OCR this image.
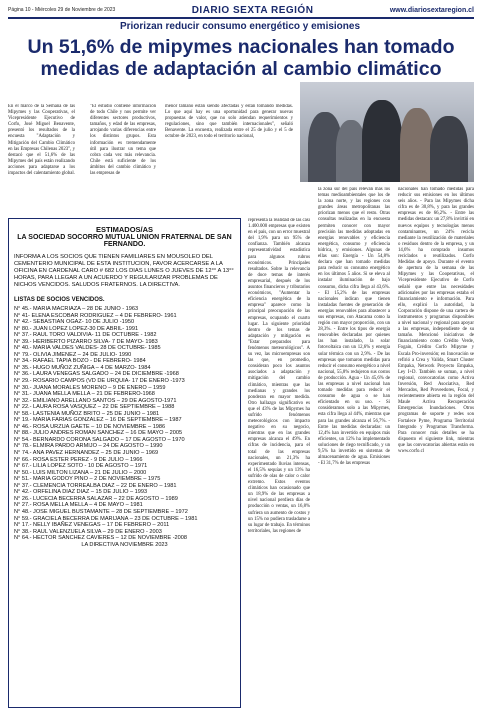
Página 10 - Miércoles 29 de Noviembre de 2023	DIARIO SEXTA REGIÓN	www.diariosextaregion.cl
Priorizan reducir consumo energético y emisiones
Un 51,6% de mipymes nacionales han tomado medidas de adaptación al cambio climático
En el marco de la Semana de las Mipymes y las Cooperativas, el Vicepresidente Ejecutivo de Corfo, José Miguel Benavente, presentó los resultados de la encuesta "Adaptación y Mitigación del Cambio Climático en las Empresas Chilenas 2023", y destacó que el 51,6% de las Mipymes del país están realizando acciones para adaptarse a los impactos del calentamiento global.
"El estudio contiene información de todo Chile y nos permite ver diferentes sectores productivos, tamaños, y edad de las empresas, arrojando varias diferencias entre los distintos grupos. Esta información es tremendamente útil para ilustrar un tema que cobra cada vez más relevancia. Chile está suficiente de los ámbitos del cambio climático y las empresas de
menor tamaño están siendo afectadas y están tomando medidas. Lo que aquí hay es una oportunidad para generar nuevas propuestas de valor, que no solo atiendan requerimientos y regulaciones, sino que también internacionales", señaló Benavente. La encuesta, realizada entre el 25 de julio y el 5 de octubre de 2023, en todo el territorio nacional,
representa la realidad de las casi 1.400.000 empresas que existen en el país, con un error muestral del 1,9% para un 95% de confianza. También alcanza representatividad estadística para algunos rubros económicos. Principales resultados. Sobre la relevancia de doce temas de interés empresarial, después de los asuntos financieros y tributarios económicos, "Aumentar la eficiencia energética de la empresa" aparece como la principal preocupación de las empresas, ocupando el cuarto lugar. La siguiente prioridad dentro de los temas de adaptación y mitigación es "Estar preparados para fenómenos meteorológicos". A su vez, las microempresas son las que, en promedio, consideran poco los asuntos asociados a adaptación y mitigación del cambio climático, mientras que las medianas y grandes los ponderan en mayor medida. Otro hallazgo significativo es que el 43% de las Mipymes ha sufrido fenómenos meteorológicos con impacto negativo en su negocio, mientras que en las grandes empresas alcanza el 49%. En cifras de incidencia, para el total de las empresas nacionales, un 21,3% ha experimentado lluvias intensas, el 16,5% sequías y un 13% ha sufrido de olas de calor o calor extremo. Estos eventos climáticos han ocasionado que un 18,9% de las empresas a nivel nacional perdiera días de producción o ventas, un 16,8% sufriera un aumento de costos y un 15% no pudiera trasladarse a su lugar de trabajo. En términos territoriales, las regiones de
la zona sur del país relevan más los temas medioambientales que los de la zona norte, y las regiones con grandes áreas metropolitanas las priorizan menos que el resto. Otras consultas realizadas en la encuesta permiten conocer con mayor precisión las medidas adoptadas en energías renovables y eficiencia energética, consumo y eficiencia hídrica, y emisiones. Algunas de ellas son: Energía - Un 54,8% declara que han tomado medidas para reducir su consumo energético en los últimos 5 años. Si se eleva al instalar iluminación de bajo consumo, dicha cifra llega al 43,6%. - El 15,2% de las empresas nacionales indican que tienen instaladas fuentes de generación de energías renovables para abastecer a sus empresas, con Atacama como la región con mayor proporción, con un 28,3%. - Entre los tipos de energía renovables declaradas por quienes las han instalado, la solar fotovoltaica con un 12,6% y energía solar térmica con un 2,9%. - De las empresas que tomaron medidas para reducir el consumo energético a nivel nacional, 55,8% redujeron sus costos de producción. Agua - Un 45,6% de las empresas a nivel nacional han tomado medidas para reducir el consumo de agua o se han eficientado en su uso. - Si consideramos solo a las Mipymes, esta cifra llega al 44%, mientras que para las grandes alcanza el 56,7%. - Entre las medidas declaradas: un 12,4% han invertido en equipos más eficientes, un 12% ha implementado soluciones de riego tecnificado, y un 9,5% ha invertido en sistemas de almacenamiento de agua. Emisiones - El 31,7% de las empresas
nacionales han tomado medidas para reducir sus emisiones en los últimos seis años. - Para las Mipymes dicha cifra es de 30,8%, y para las grandes empresas es de 66,2%. - Entre las medidas destacan: un 27,8% invirtió en nuevos equipos y tecnologías menos contaminantes, un 24% recicla mediante la reutilización de materiales o residuos dentro de la empresa, y un 14,6% ha comprado insumos reciclados o reutilizados. Corfo Medidas de apoyo. Durante el evento de apertura de la semana de las Mipymes y las Cooperativas, el Vicepresidente Ejecutivo de Corfo señaló que entre las necesidades adicionales por las empresas estaba el financiamiento e información. Para ello, explicó la autoridad, la Corporación dispone de una cartera de instrumentos y programas disponibles a nivel nacional y regional para apoyar a las empresas, independiente de su tamaño. Mencionó iniciativas de financiamiento como Crédito Verde, Fogain, Crédito Corfo Mipyme y Escala Pro-inversión; en Innovación se refirió a Crea y Valida, Smart Cluster Empaka, Network Proyecto Empaka, Ley I+D. También se suman, a nivel regional, convocatorias como Activa Inversión, Red Asociativa, Red Mercados, Red Proveedores, Focal, y recientemente abierta en la región del Maule Activa Recuperación Emergencias Inundaciones. Otros programas de soporte y redes son Fortalece Pyme, Programa Territorial Integrado y Programas Transforma. Para conocer más detalles se ha dispuesto el siguiente link, mientras que las convocatorias abiertas están en www.corfo.cl
ESTIMADOS/AS
LA SOCIEDAD SOCORRO MUTUAL UNION FRATERNAL DE SAN FERNANDO.

INFORMA A LOS SOCIOS QUE TIENEN FAMILIARES EN MOUSOLEO DEL CEMENTERIO MUNICIPAL DE ESTA INSTITUCION, FAVOR ACERCARSE A LA OFICINA EN CARDENAL CARO # 682 LOS DIAS LUNES O JUEVES DE 12°° A 13°° HORAS, PARA LLEGAR A UN ACUERDO Y REGULARIZAR PROBLEMAS DE NICHOS VENCIDOS. SALUDOS FRATERNOS. LA DIRECTIVA.

LISTAS DE SOCIOS VENCIDOS.
N° 45.- MARIA MACRIAZA – 28 DE JUNIO - 1963
N° 41- ELENA ESCOBAR RODRIGUEZ – 4 DE FEBRERO- 1961
N° 42.- SEBASTIAN OGAZ- 10 DE JULIO -1950
N° 80.- JUAN LOPEZ LOPEZ-30 DE ABRIL- 1991
N° 37.- RAUL TORO VALDIVIA- 11 DE OCTUBRE - 1982
N° 39.- HERIBERTO PIZARRO SILVA- 7 DE MAYO- 1983
N° 40.- MARIA VALDES VALDES- 28 DE OCTUBRE- 1985
N° 79.- OLIVIA JIMENEZ – 24 DE JULIO- 1990
N° 34.- RAFAEL TAPIA BOZO - DE FEBRERO- 1984
N° 35.- HUGO MUÑOZ ZUÑIGA – 4 DE MARZO- 1984
N° 36.- LAURA VENEGAS SALGADO – 24 DE DICIEMBRE -1968
N° 29.- ROSARIO CAMPOS (VD DE URQUIA- 17 DE ENERO -1973
N° 30.- JUANA MORALES MORENO – 9 DE ENERO – 1959
N° 31.- JUANA MELLA MELLA – 21 DE FEBRERO-1968
N° 32.- EMILIANO ARELLANO SANTOS – 29 DE AGOSTO-1971
N° 22.- LAURA ROSA VASQUEZ – 22 DE SEPTIEMBRE – 1988
N° 58.- LASTENIA MUÑOZ BRITO – 25 DE JUNIO – 1981
N° 19.- MARIA FARIAS GONZALEZ – 16 DE SEPTIEMBRE – 1987
N° 46.- ROSA URZUA GAETE – 10 DE NOVIEMBRE – 1986
N° 88.- JULIO ANDRES ROMAN SANCHEZ – 16 DE MAYO – 2005
N° 54.- BERNARDO CORONA SALGADO – 17 DE AGOSTO – 1970
N° 78.- ELMIRA PARDO ARMIJO – 24 DE AGOSTO – 1990
N° 74.- ANA PAVEZ HERNANDEZ – 25 DE JUNIO – 1969
N° 66.- ROSA ESTER PEREZ - 9 DE JULIO – 1966
N° 67.- LILIA LOPEZ SOTO - 10 DE AGOSTO – 1971
N° 50.- LUIS MILTON LIZANA – 21 DE JULIO – 2000
N° 51.- MARIA GODOY PINO – 2 DE NOVIEMBRE – 1975
N° 37.- CLEMENCIA TORREALBA DIAZ – 22 DE ENERO – 1981
N° 42.- ORFELINA DIAZ DIAZ – 15 DE JULIO – 1993
N° 26.- LUCECIA BECERRA SALAZAR – 22 DE AGOSTO – 1989
N° 27.- ROSA MELLA MELLA – 4 DE MAYO – 1981
N° 48.- JOSE MIGUEL BUSTAMANTE – 28 DE SEPTIEMBRE – 1972
N° 59.- GRACIELA BECERRA DE MARIJANA – 23 DE OCTUBRE – 1981
N° 17.- NELLY IBAÑEZ VENEGAS – 17 DE FEBRERO – 2011
N° 38.- RAUL VALENZUELA SILVA – 29 DE ENERO - 2003
N° 64.- HECTOR SANCHEZ CAVIERES – 12 DE NOVIEMBRE -2008
LA DIRECTIVA NOVIEMBRE 2023
